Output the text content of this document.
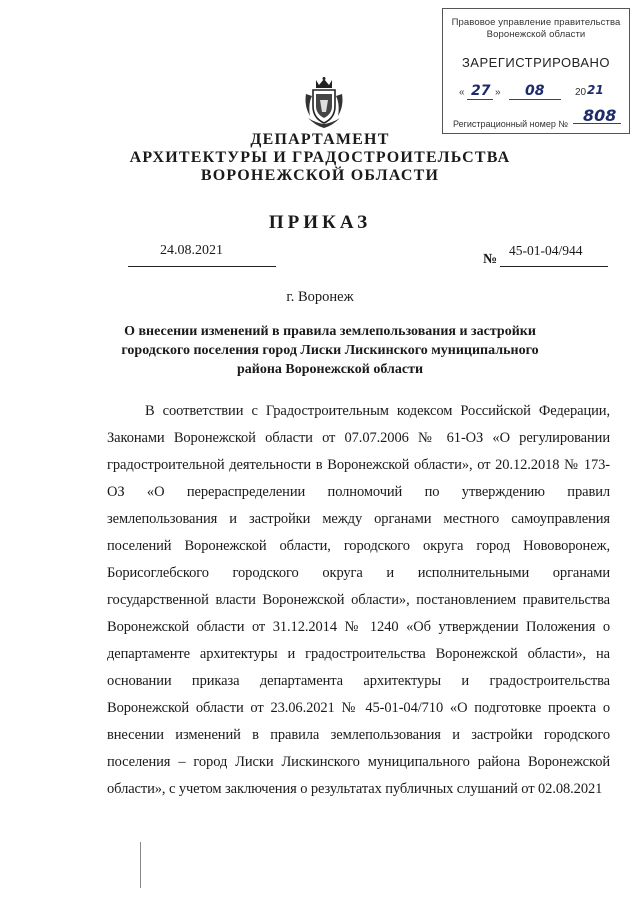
Правовое управление правительства
Воронежской области
ЗАРЕГИСТРИРОВАНО
« 27 » 08	20 21
Регистрационный номер № 808
ДЕПАРТАМЕНТ
АРХИТЕКТУРЫ И ГРАДОСТРОИТЕЛЬСТВА
ВОРОНЕЖСКОЙ ОБЛАСТИ
ПРИКАЗ
24.08.2021
№
45-01-04/944
г. Воронеж
О внесении изменений в правила землепользования и застройки городского поселения город Лиски Лискинского муниципального района Воронежской области
В соответствии с Градостроительным кодексом Российской Федерации, Законами Воронежской области от 07.07.2006 № 61-ОЗ «О регулировании градостроительной деятельности в Воронежской области», от 20.12.2018 № 173-ОЗ «О перераспределении полномочий по утверждению правил землепользования и застройки между органами местного самоуправления поселений Воронежской области, городского округа город Нововоронеж, Борисоглебского городского округа и исполнительными органами государственной власти Воронежской области», постановлением правительства Воронежской области от 31.12.2014 № 1240 «Об утверждении Положения о департаменте архитектуры и градостроительства Воронежской области», на основании приказа департамента архитектуры и градостроительства Воронежской области от 23.06.2021 № 45-01-04/710 «О подготовке проекта о внесении изменений в правила землепользования и застройки городского поселения – город Лиски Лискинского муниципального района Воронежской области», с учетом заключения о результатах публичных слушаний от 02.08.2021
